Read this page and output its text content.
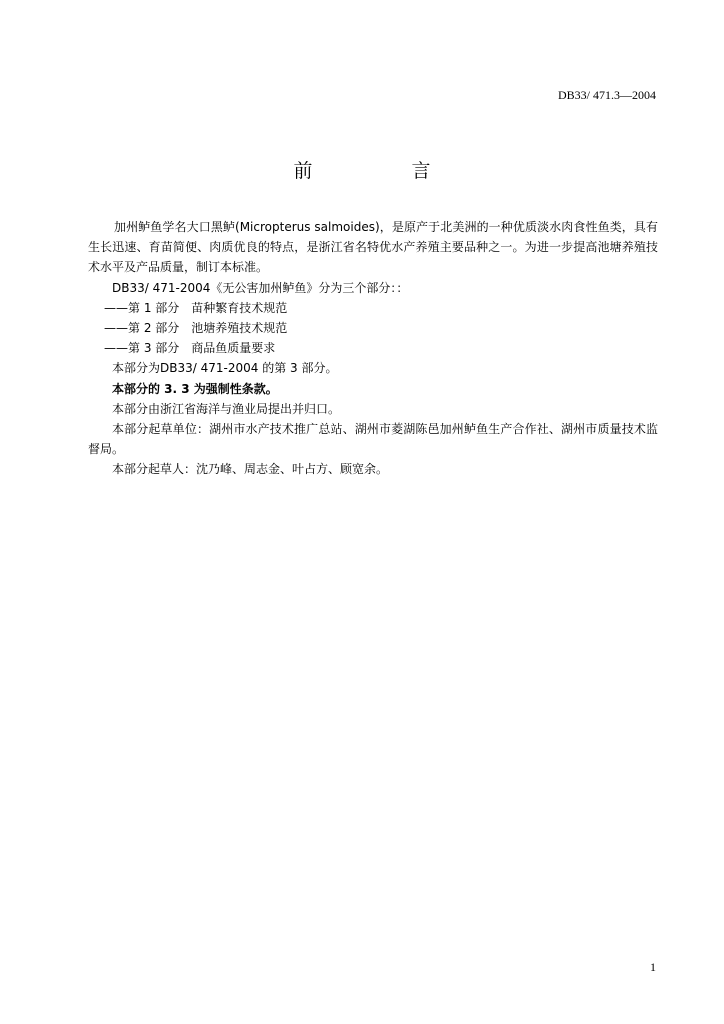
DB33/ 471.3—2004
前　言

加州鲈鱼学名大口黑鲈(Micropterus salmoides)，是原产于北美洲的一种优质淡水肉食性鱼类，具有生长迅速、育苗简便、肉质优良的特点，是浙江省名特优水产养殖主要品种之一。为进一步提高池塘养殖技术水平及产品质量，制订本标准。

DB33/ 471-2004《无公害加州鲈鱼》分为三个部分：：

——第 1 部分　苗种繁育技术规范

——第 2 部分　池塘养殖技术规范

——第 3 部分　商品鱼质量要求

本部分为DB33/ 471-2004 的第 3 部分。

本部分的 3. 3 为强制性条款。

本部分由浙江省海洋与渔业局提出并归口。

本部分起草单位：湖州市水产技术推广总站、湖州市菱湖陈邑加州鲈鱼生产合作社、湖州市质量技术监督局。

本部分起草人：沈乃峰、周志金、叶占方、顾宽余。

1
